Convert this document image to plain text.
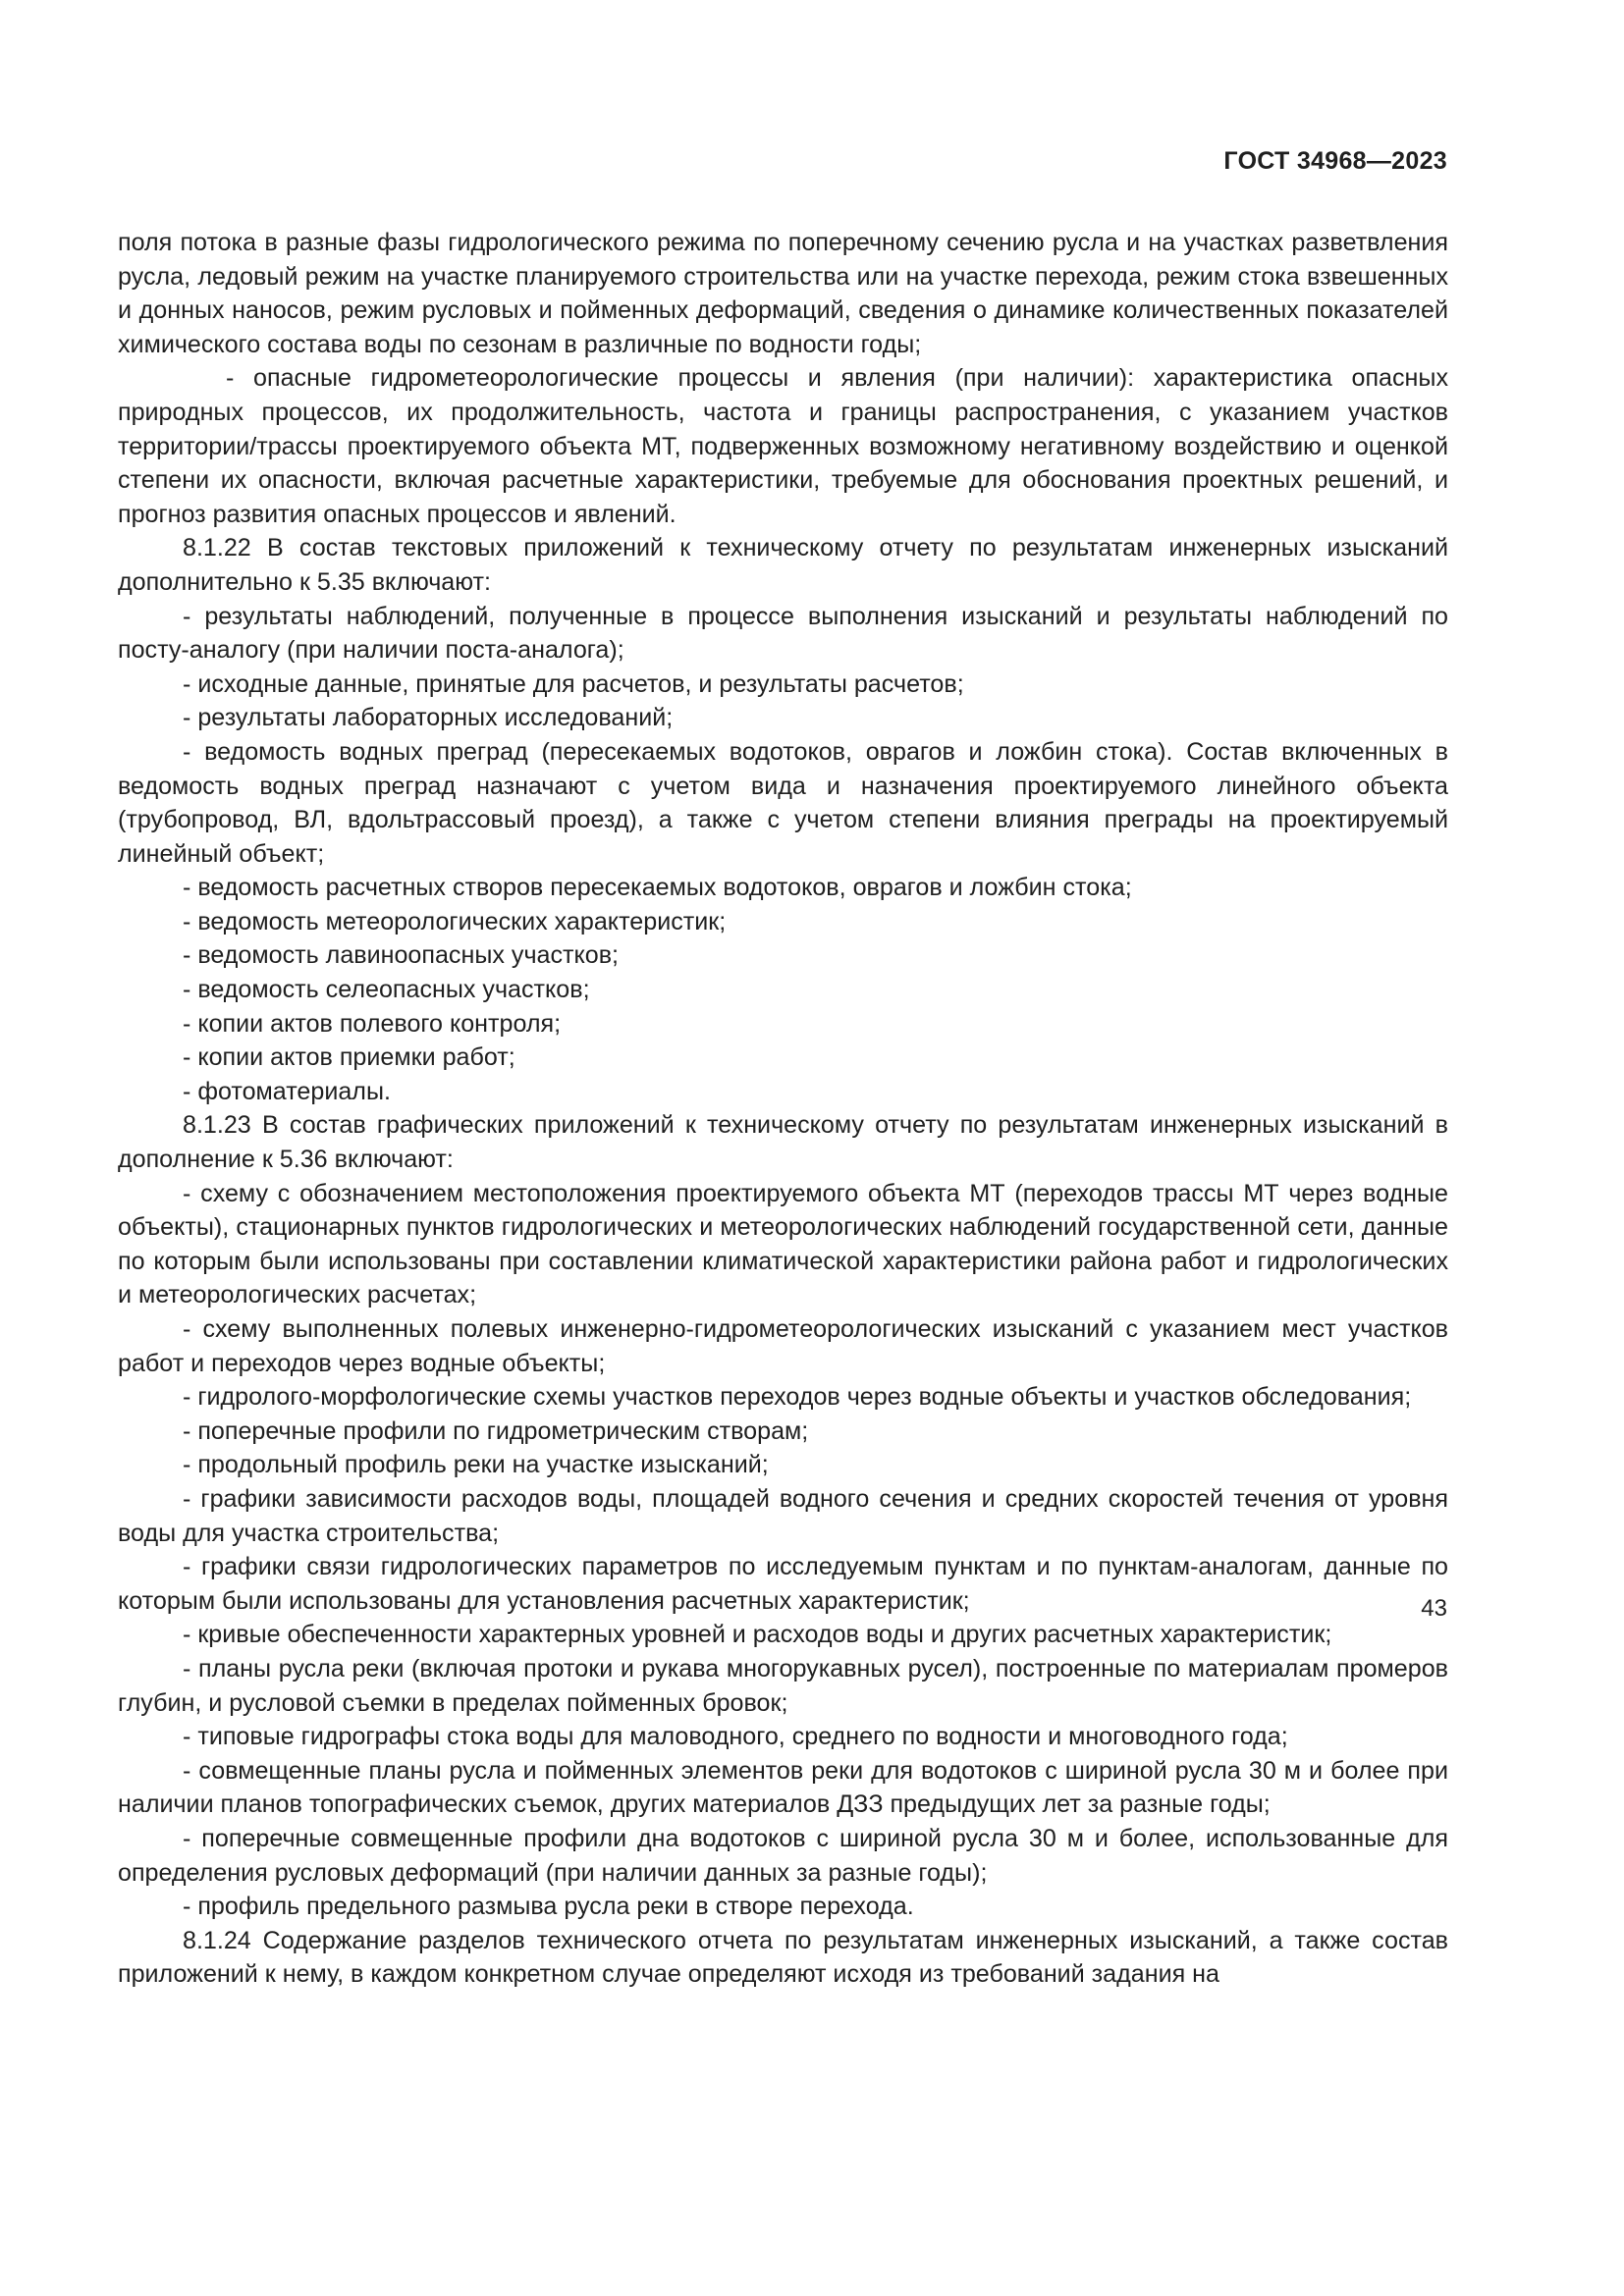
ГОСТ 34968—2023

поля потока в разные фазы гидрологического режима по поперечному сечению русла и на участках разветвления русла, ледовый режим на участке планируемого строительства или на участке перехода, режим стока взвешенных и донных наносов, режим русловых и пойменных деформаций, сведения о динамике количественных показателей химического состава воды по сезонам в различные по водности годы;

- опасные гидрометеорологические процессы и явления (при наличии): характеристика опасных природных процессов, их продолжительность, частота и границы распространения, с указанием участков территории/трассы проектируемого объекта МТ, подверженных возможному негативному воздействию и оценкой степени их опасности, включая расчетные характеристики, требуемые для обоснования проектных решений, и прогноз развития опасных процессов и явлений.

8.1.22 В состав текстовых приложений к техническому отчету по результатам инженерных изысканий дополнительно к 5.35 включают:

- результаты наблюдений, полученные в процессе выполнения изысканий и результаты наблюдений по посту-аналогу (при наличии поста-аналога);

- исходные данные, принятые для расчетов, и результаты расчетов;

- результаты лабораторных исследований;

- ведомость водных преград (пересекаемых водотоков, оврагов и ложбин стока). Состав включенных в ведомость водных преград назначают с учетом вида и назначения проектируемого линейного объекта (трубопровод, ВЛ, вдольтрассовый проезд), а также с учетом степени влияния преграды на проектируемый линейный объект;

- ведомость расчетных створов пересекаемых водотоков, оврагов и ложбин стока;

- ведомость метеорологических характеристик;

- ведомость лавиноопасных участков;

- ведомость селеопасных участков;

- копии актов полевого контроля;

- копии актов приемки работ;

- фотоматериалы.

8.1.23 В состав графических приложений к техническому отчету по результатам инженерных изысканий в дополнение к 5.36 включают:

- схему с обозначением местоположения проектируемого объекта МТ (переходов трассы МТ через водные объекты), стационарных пунктов гидрологических и метеорологических наблюдений государственной сети, данные по которым были использованы при составлении климатической характеристики района работ и гидрологических и метеорологических расчетах;

- схему выполненных полевых инженерно-гидрометеорологических изысканий с указанием мест участков работ и переходов через водные объекты;

- гидролого-морфологические схемы участков переходов через водные объекты и участков обследования;

- поперечные профили по гидрометрическим створам;

- продольный профиль реки на участке изысканий;

- графики зависимости расходов воды, площадей водного сечения и средних скоростей течения от уровня воды для участка строительства;

- графики связи гидрологических параметров по исследуемым пунктам и по пунктам-аналогам, данные по которым были использованы для установления расчетных характеристик;

- кривые обеспеченности характерных уровней и расходов воды и других расчетных характеристик;

- планы русла реки (включая протоки и рукава многорукавных русел), построенные по материалам промеров глубин, и русловой съемки в пределах пойменных бровок;

- типовые гидрографы стока воды для маловодного, среднего по водности и многоводного года;

- совмещенные планы русла и пойменных элементов реки для водотоков с шириной русла 30 м и более при наличии планов топографических съемок, других материалов ДЗЗ предыдущих лет за разные годы;

- поперечные совмещенные профили дна водотоков с шириной русла 30 м и более, использованные для определения русловых деформаций (при наличии данных за разные годы);

- профиль предельного размыва русла реки в створе перехода.

8.1.24 Содержание разделов технического отчета по результатам инженерных изысканий, а также состав приложений к нему, в каждом конкретном случае определяют исходя из требований задания на

43
